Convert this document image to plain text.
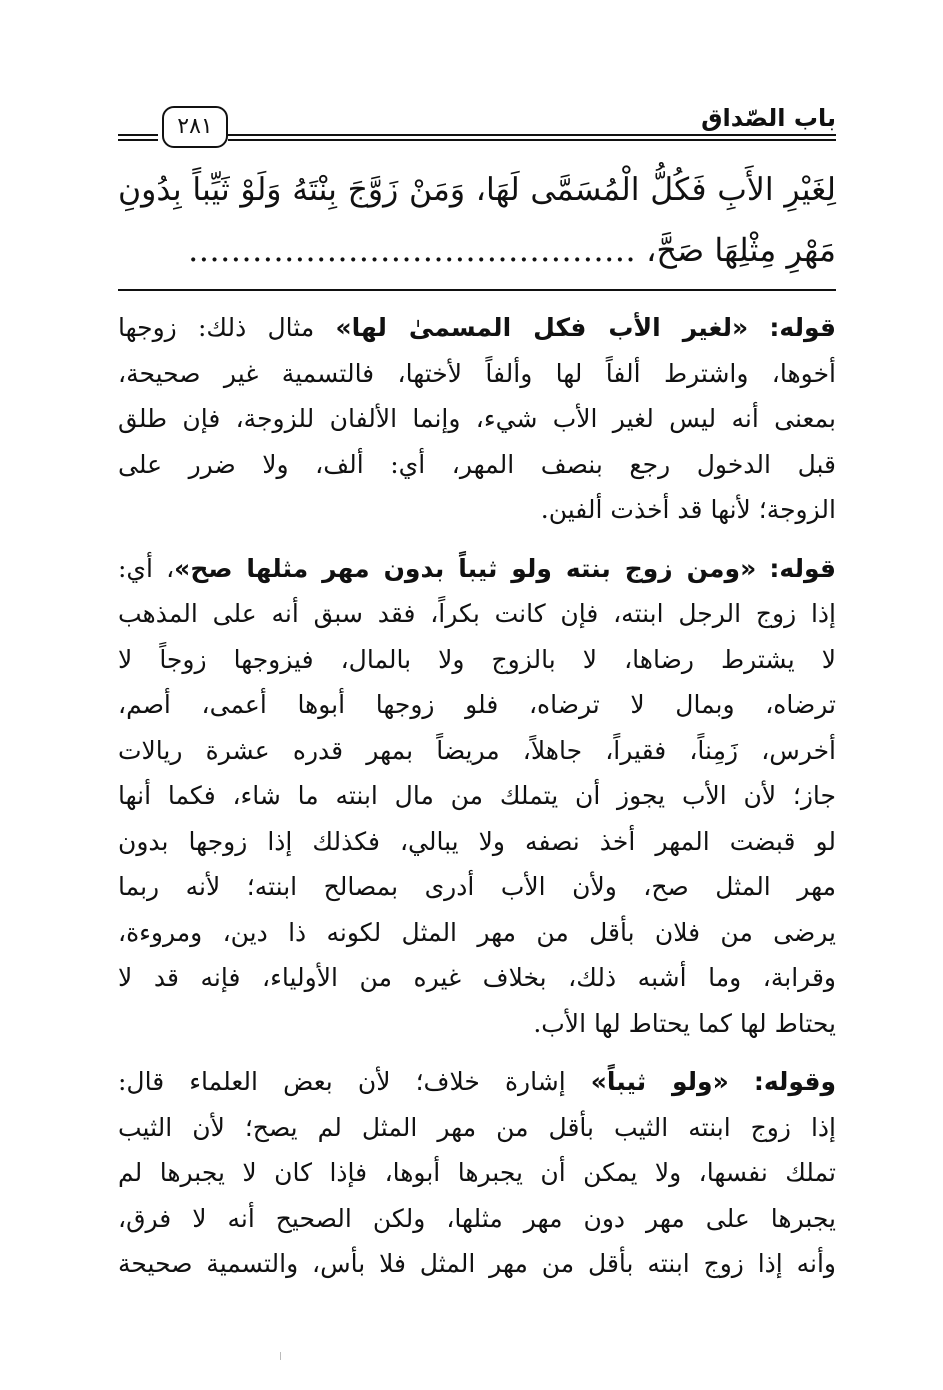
باب الصّداق
٢٨١
لِغَيْرِ الأَبِ فَكُلُّ الْمُسَمَّى لَهَا، وَمَنْ زَوَّجَ بِنْتَهُ وَلَوْ ثَيِّباً بِدُونِ
مَهْرِ مِثْلِهَا صَحَّ، ……………………………………
قوله: «لغير الأب فكل المسمىٰ لها» مثال ذلك: زوجها
أخوها، واشترط ألفاً لها وألفاً لأختها، فالتسمية غير صحيحة،
بمعنى أنه ليس لغير الأب شيء، وإنما الألفان للزوجة، فإن طلق
قبل الدخول رجع بنصف المهر، أي: ألف، ولا ضرر على
الزوجة؛ لأنها قد أخذت ألفين.
قوله: «ومن زوج بنته ولو ثيباً بدون مهر مثلها صح»، أي:
إذا زوج الرجل ابنته، فإن كانت بكراً، فقد سبق أنه على المذهب
لا يشترط رضاها، لا بالزوج ولا بالمال، فيزوجها زوجاً لا
ترضاه، وبمال لا ترضاه، فلو زوجها أبوها أعمى، أصم،
أخرس، زَمِناً، فقيراً، جاهلاً، مريضاً بمهر قدره عشرة ريالات
جاز؛ لأن الأب يجوز أن يتملك من مال ابنته ما شاء، فكما أنها
لو قبضت المهر أخذ نصفه ولا يبالي، فكذلك إذا زوجها بدون
مهر المثل صح، ولأن الأب أدرى بمصالح ابنته؛ لأنه ربما
يرضى من فلان بأقل من مهر المثل لكونه ذا دين، ومروءة،
وقرابة، وما أشبه ذلك، بخلاف غيره من الأولياء، فإنه قد لا
يحتاط لها كما يحتاط لها الأب.
وقوله: «ولو ثيباً» إشارة خلاف؛ لأن بعض العلماء قال:
إذا زوج ابنته الثيب بأقل من مهر المثل لم يصح؛ لأن الثيب
تملك نفسها، ولا يمكن أن يجبرها أبوها، فإذا كان لا يجبرها لم
يجبرها على مهر دون مهر مثلها، ولكن الصحيح أنه لا فرق،
وأنه إذا زوج ابنته بأقل من مهر المثل فلا بأس، والتسمية صحيحة
